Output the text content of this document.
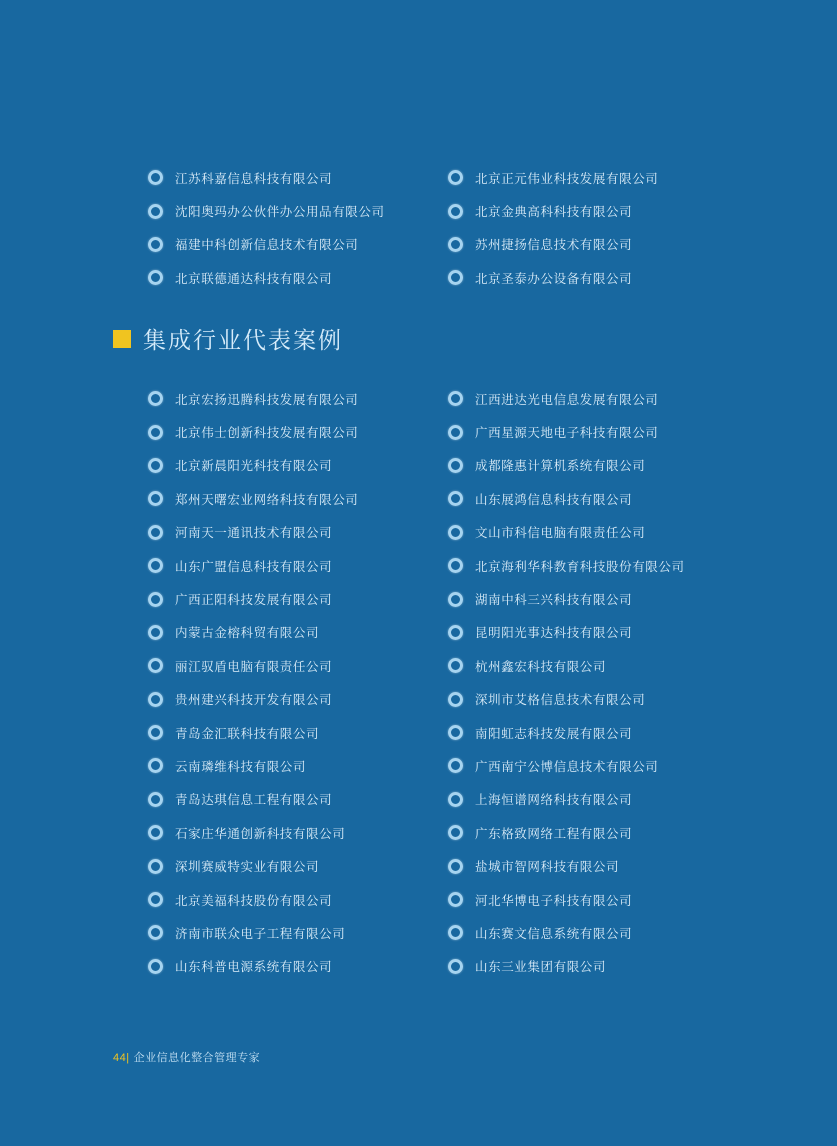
江苏科嘉信息科技有限公司
沈阳奥玛办公伙伴办公用品有限公司
福建中科创新信息技术有限公司
北京联德通达科技有限公司
北京正元伟业科技发展有限公司
北京金典高科科技有限公司
苏州捷扬信息技术有限公司
北京圣泰办公设备有限公司
集成行业代表案例
北京宏扬迅腾科技发展有限公司
北京伟士创新科技发展有限公司
北京新晨阳光科技有限公司
郑州天曙宏业网络科技有限公司
河南天一通讯技术有限公司
山东广盟信息科技有限公司
广西正阳科技发展有限公司
内蒙古金榕科贸有限公司
丽江驭盾电脑有限责任公司
贵州建兴科技开发有限公司
青岛金汇联科技有限公司
云南璘维科技有限公司
青岛达琪信息工程有限公司
石家庄华通创新科技有限公司
深圳赛威特实业有限公司
北京美福科技股份有限公司
济南市联众电子工程有限公司
山东科普电源系统有限公司
江西进达光电信息发展有限公司
广西星源天地电子科技有限公司
成都隆惠计算机系统有限公司
山东展鸿信息科技有限公司
文山市科信电脑有限责任公司
北京海利华科教育科技股份有限公司
湖南中科三兴科技有限公司
昆明阳光事达科技有限公司
杭州鑫宏科技有限公司
深圳市艾格信息技术有限公司
南阳虹志科技发展有限公司
广西南宁公博信息技术有限公司
上海恒谱网络科技有限公司
广东格致网络工程有限公司
盐城市智网科技有限公司
河北华博电子科技有限公司
山东赛文信息系统有限公司
山东三业集团有限公司
44| 企业信息化整合管理专家
